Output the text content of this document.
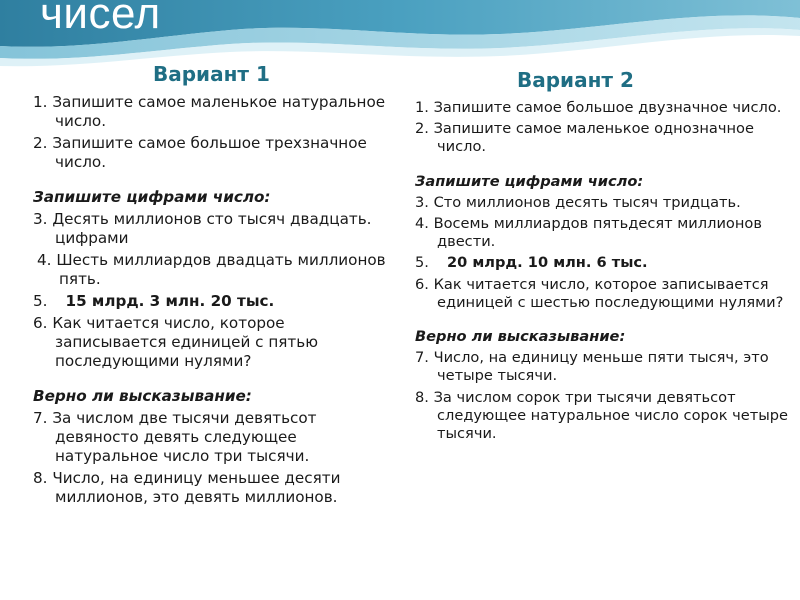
чисел
Вариант 1
1. Запишите самое маленькое натуральное число.
2. Запишите самое большое трехзначное число.
Запишите цифрами число:
3. Десять миллионов сто тысяч двадцать. цифрами
4. Шесть миллиардов двадцать миллионов пять.
5. 15 млрд. 3 млн. 20 тыс.
6. Как читается число, которое записывается единицей с пятью последующими нулями?
Верно ли высказывание:
7. За числом две тысячи девятьсот девяносто девять следующее натуральное число три тысячи.
8. Число, на единицу меньшее десяти миллионов, это девять миллионов.
Вариант 2
1. Запишите самое большое двузначное число.
2. Запишите самое маленькое однозначное число.
Запишите цифрами число:
3. Сто миллионов десять тысяч тридцать.
4. Восемь миллиардов пятьдесят миллионов двести.
5. 20 млрд. 10 млн. 6 тыс.
6. Как читается число, которое записывается единицей с шестью последующими нулями?
Верно ли высказывание:
7. Число, на единицу меньше пяти тысяч, это четыре тысячи.
8. За числом сорок три тысячи девятьсот следующее натуральное число сорок четыре тысячи.
